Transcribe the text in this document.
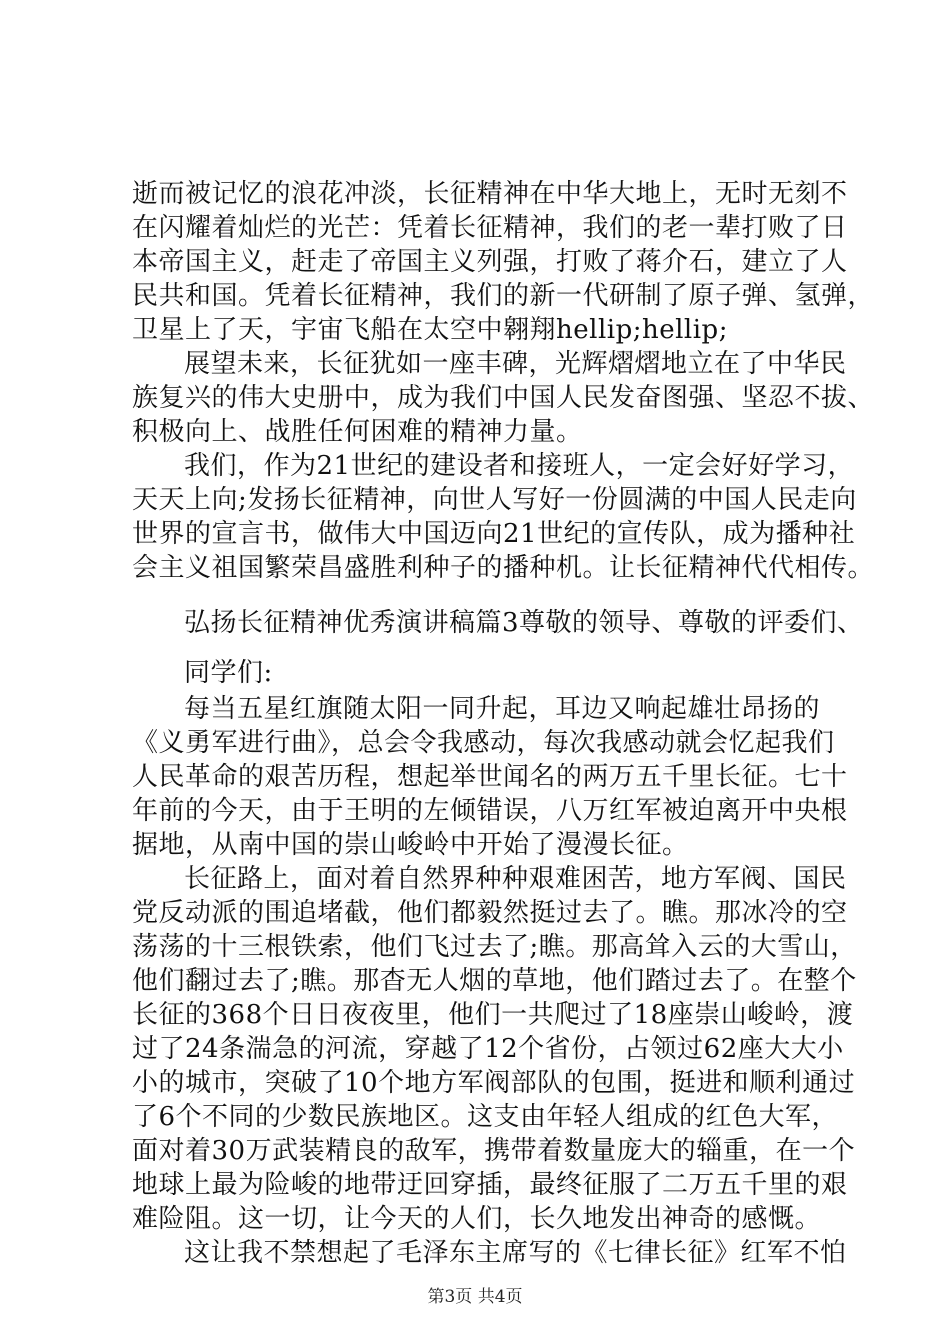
逝而被记忆的浪花冲淡，长征精神在中华大地上，无时无刻不
在闪耀着灿烂的光芒：凭着长征精神，我们的老一辈打败了日
本帝国主义，赶走了帝国主义列强，打败了蒋介石，建立了人
民共和国。凭着长征精神，我们的新一代研制了原子弹、氢弹，
卫星上了天，宇宙飞船在太空中翱翔hellip;hellip;
展望未来，长征犹如一座丰碑，光辉熠熠地立在了中华民
族复兴的伟大史册中，成为我们中国人民发奋图强、坚忍不拔、
积极向上、战胜任何困难的精神力量。
我们，作为21世纪的建设者和接班人，一定会好好学习，
天天上向;发扬长征精神，向世人写好一份圆满的中国人民走向
世界的宣言书，做伟大中国迈向21世纪的宣传队，成为播种社
会主义祖国繁荣昌盛胜利种子的播种机。让长征精神代代相传。
弘扬长征精神优秀演讲稿篇3尊敬的领导、尊敬的评委们、
同学们:
每当五星红旗随太阳一同升起，耳边又响起雄壮昂扬的
《义勇军进行曲》，总会令我感动，每次我感动就会忆起我们
人民革命的艰苦历程，想起举世闻名的两万五千里长征。七十
年前的今天，由于王明的左倾错误，八万红军被迫离开中央根
据地，从南中国的崇山峻岭中开始了漫漫长征。
长征路上，面对着自然界种种艰难困苦，地方军阀、国民
党反动派的围追堵截，他们都毅然挺过去了。瞧。那冰冷的空
荡荡的十三根铁索，他们飞过去了;瞧。那高耸入云的大雪山，
他们翻过去了;瞧。那杳无人烟的草地，他们踏过去了。在整个
长征的368个日日夜夜里，他们一共爬过了18座崇山峻岭，渡
过了24条湍急的河流，穿越了12个省份，占领过62座大大小
小的城市，突破了10个地方军阀部队的包围，挺进和顺利通过
了6个不同的少数民族地区。这支由年轻人组成的红色大军，
面对着30万武装精良的敌军，携带着数量庞大的辎重，在一个
地球上最为险峻的地带迂回穿插，最终征服了二万五千里的艰
难险阻。这一切，让今天的人们，长久地发出神奇的感慨。
这让我不禁想起了毛泽东主席写的《七律长征》红军不怕
第3页 共4页
